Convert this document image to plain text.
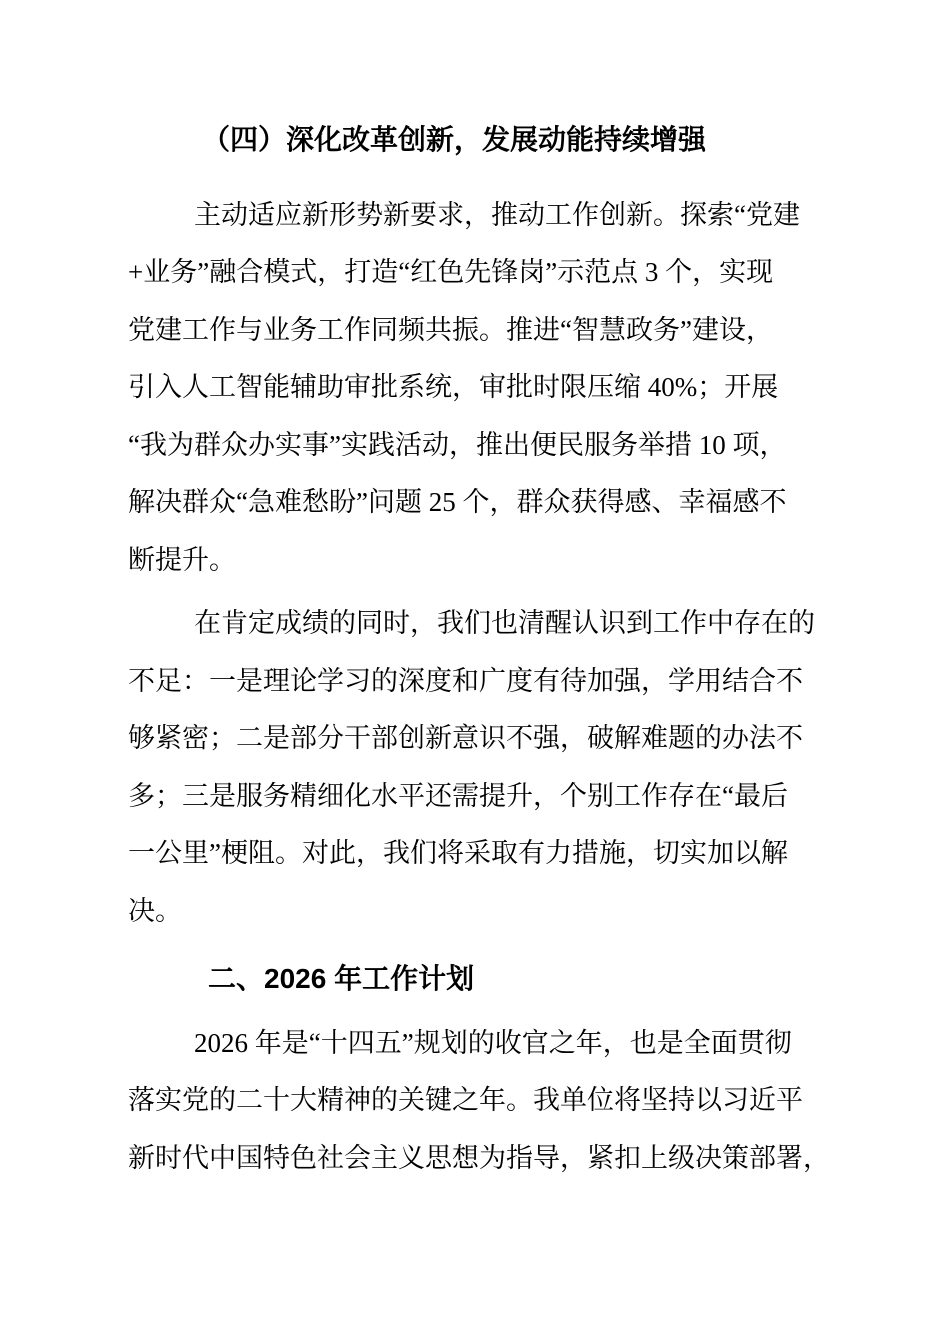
（四）深化改革创新，发展动能持续增强
主动适应新形势新要求，推动工作创新。探索“党建
+业务”融合模式，打造“红色先锋岗”示范点 3 个，实现
党建工作与业务工作同频共振。推进“智慧政务”建设，
引入人工智能辅助审批系统，审批时限压缩 40%；开展
“我为群众办实事”实践活动，推出便民服务举措 10 项，
解决群众“急难愁盼”问题 25 个，群众获得感、幸福感不
断提升。
在肯定成绩的同时，我们也清醒认识到工作中存在的
不足：一是理论学习的深度和广度有待加强，学用结合不
够紧密；二是部分干部创新意识不强，破解难题的办法不
多；三是服务精细化水平还需提升，个别工作存在“最后
一公里”梗阻。对此，我们将采取有力措施，切实加以解
决。
二、2026 年工作计划
2026 年是“十四五”规划的收官之年，也是全面贯彻
落实党的二十大精神的关键之年。我单位将坚持以习近平
新时代中国特色社会主义思想为指导，紧扣上级决策部署，
